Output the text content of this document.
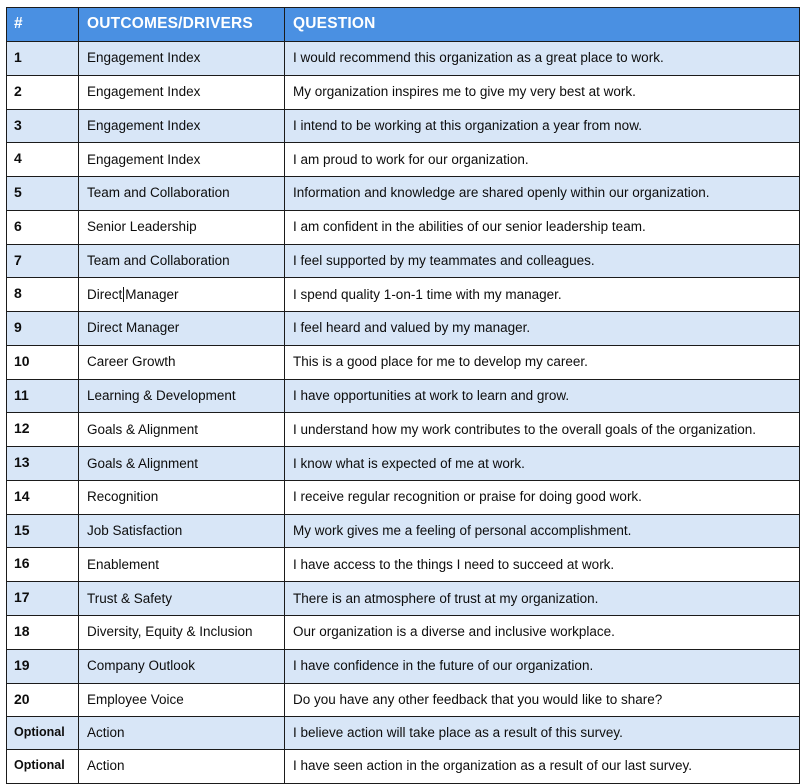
#	OUTCOMES/DRIVERS	QUESTION
1	Engagement Index	I would recommend this organization as a great place to work.
2	Engagement Index	My organization inspires me to give my very best at work.
3	Engagement Index	I intend to be working at this organization a year from now.
4	Engagement Index	I am proud to work for our organization.
5	Team and Collaboration	Information and knowledge are shared openly within our organization.
6	Senior Leadership	I am confident in the abilities of our senior leadership team.
7	Team and Collaboration	I feel supported by my teammates and colleagues.
8	Direct Manager	I spend quality 1-on-1 time with my manager.
9	Direct Manager	I feel heard and valued by my manager.
10	Career Growth	This is a good place for me to develop my career.
11	Learning & Development	I have opportunities at work to learn and grow.
12	Goals & Alignment	I understand how my work contributes to the overall goals of the organization.
13	Goals & Alignment	I know what is expected of me at work.
14	Recognition	I receive regular recognition or praise for doing good work.
15	Job Satisfaction	My work gives me a feeling of personal accomplishment.
16	Enablement	I have access to the things I need to succeed at work.
17	Trust & Safety	There is an atmosphere of trust at my organization.
18	Diversity, Equity & Inclusion	Our organization is a diverse and inclusive workplace.
19	Company Outlook	I have confidence in the future of our organization.
20	Employee Voice	Do you have any other feedback that you would like to share?
Optional	Action	I believe action will take place as a result of this survey.
Optional	Action	I have seen action in the organization as a result of our last survey.
